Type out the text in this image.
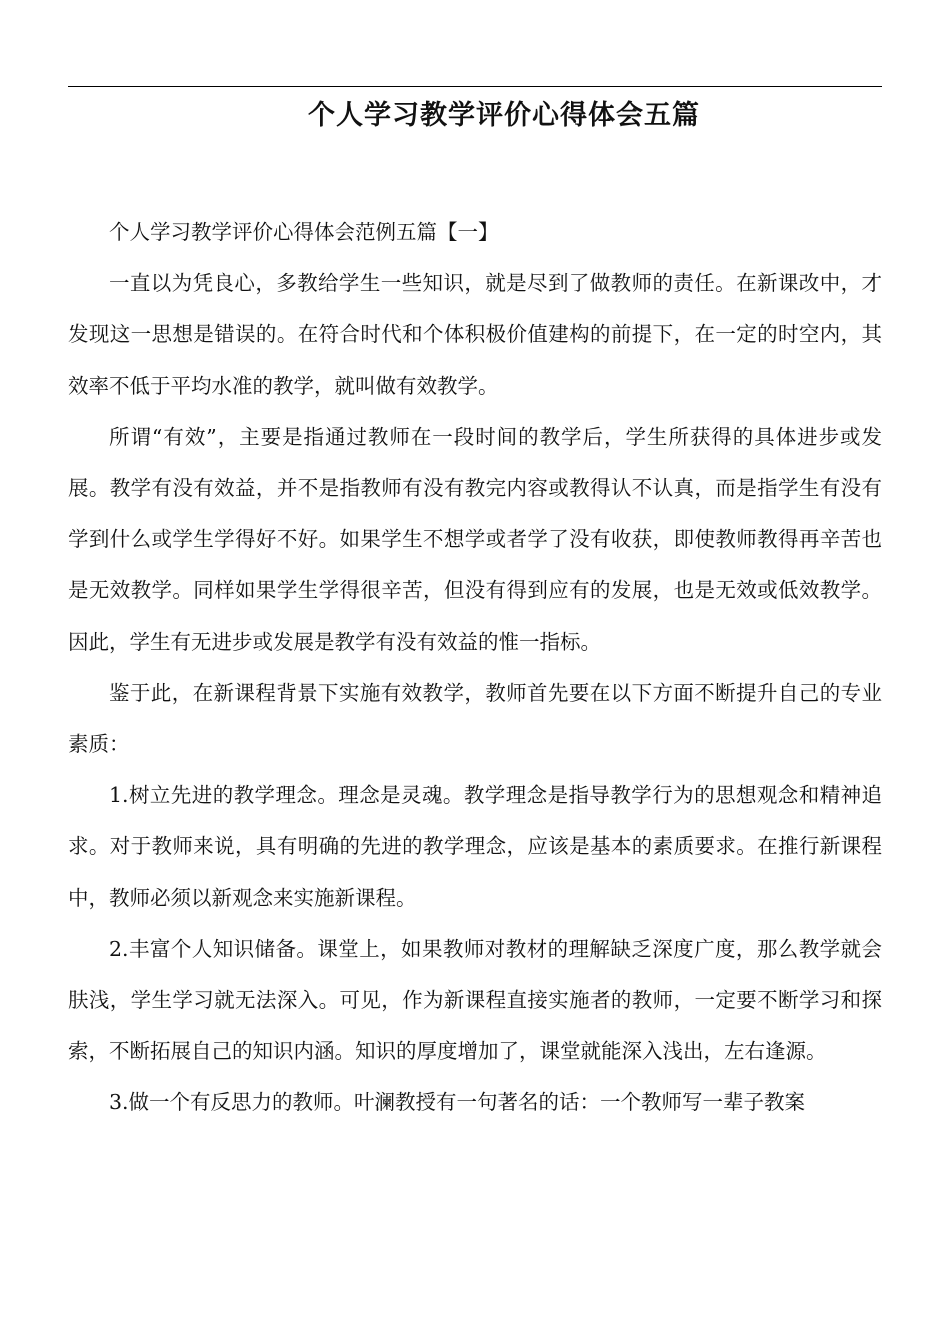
个人学习教学评价心得体会五篇

个人学习教学评价心得体会范例五篇【一】

一直以为凭良心，多教给学生一些知识，就是尽到了做教师的责任。在新课改中，才发现这一思想是错误的。在符合时代和个体积极价值建构的前提下，在一定的时空内，其效率不低于平均水准的教学，就叫做有效教学。

所谓“有效”，主要是指通过教师在一段时间的教学后，学生所获得的具体进步或发展。教学有没有效益，并不是指教师有没有教完内容或教得认不认真，而是指学生有没有学到什么或学生学得好不好。如果学生不想学或者学了没有收获，即使教师教得再辛苦也是无效教学。同样如果学生学得很辛苦，但没有得到应有的发展，也是无效或低效教学。因此，学生有无进步或发展是教学有没有效益的惟一指标。

鉴于此，在新课程背景下实施有效教学，教师首先要在以下方面不断提升自己的专业素质：

1.树立先进的教学理念。理念是灵魂。教学理念是指导教学行为的思想观念和精神追求。对于教师来说，具有明确的先进的教学理念，应该是基本的素质要求。在推行新课程中，教师必须以新观念来实施新课程。

2.丰富个人知识储备。课堂上，如果教师对教材的理解缺乏深度广度，那么教学就会肤浅，学生学习就无法深入。可见，作为新课程直接实施者的教师，一定要不断学习和探索，不断拓展自己的知识内涵。知识的厚度增加了，课堂就能深入浅出，左右逢源。

3.做一个有反思力的教师。叶澜教授有一句著名的话：一个教师写一辈子教案
